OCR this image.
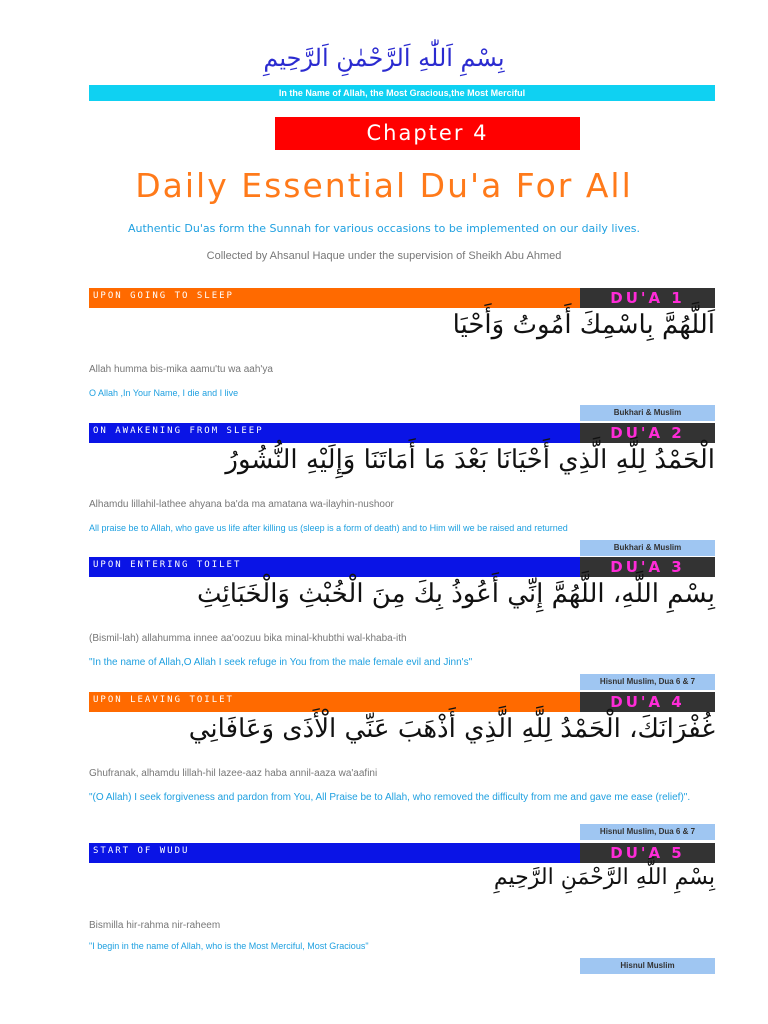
بِسْمِ اَللّٰهِ اَلرَّحْمٰنِ اَلرَّحِيمِ
In the Name of Allah, the Most Gracious,the Most Merciful
Chapter 4
Daily Essential Du'a For All
Authentic Du'as form the Sunnah for various occasions to be implemented on our daily lives.
Collected by Ahsanul Haque under the supervision of Sheikh Abu Ahmed
UPON GOING TO SLEEP	DU'A 1
اَللَّهُمَّ بِاسْمِكَ أَمُوتُ وَأَحْيَا
Allah humma bis-mika aamu'tu wa aah'ya
O Allah ,In Your Name, I die and I live
Bukhari & Muslim
ON AWAKENING FROM SLEEP	DU'A 2
الْحَمْدُ لِلَّهِ الَّذِي أَحْيَانَا بَعْدَ مَا أَمَاتَنَا وَإِلَيْهِ النُّشُورُ
Alhamdu lillahil-lathee ahyana ba'da ma amatana wa-ilayhin-nushoor
All praise be to Allah, who gave us life after killing us (sleep is a form of death) and to Him will we be raised and returned
Bukhari & Muslim
UPON ENTERING TOILET	DU'A 3
بِسْمِ اللَّهِ، اللَّهُمَّ إِنِّي أَعُوذُ بِكَ مِنَ الْخُبْثِ وَالْخَبَائِثِ
(Bismil-lah) allahumma innee aa'oozuu bika minal-khubthi wal-khaba-ith
"In the name of Allah,O Allah I seek refuge in You from the male female evil and Jinn's"
Hisnul Muslim, Dua 6 & 7
UPON LEAVING TOILET	DU'A 4
غُفْرَانَكَ، الْحَمْدُ لِلَّهِ الَّذِي أَذْهَبَ عَنِّي الْأَذَى وَعَافَانِي
Ghufranak, alhamdu lillah-hil lazee-aaz haba annil-aaza wa'aafini
"(O Allah) I seek forgiveness and pardon from You, All Praise be to Allah, who removed the difficulty from me and gave me ease (relief)".
Hisnul Muslim, Dua 6 & 7
START OF WUDU	DU'A 5
بِسْمِ اللَّهِ الرَّحْمَنِ الرَّحِيمِ
Bismilla hir-rahma nir-raheem
"I begin in the name of Allah, who is the Most Merciful, Most Gracious"
Hisnul Muslim
